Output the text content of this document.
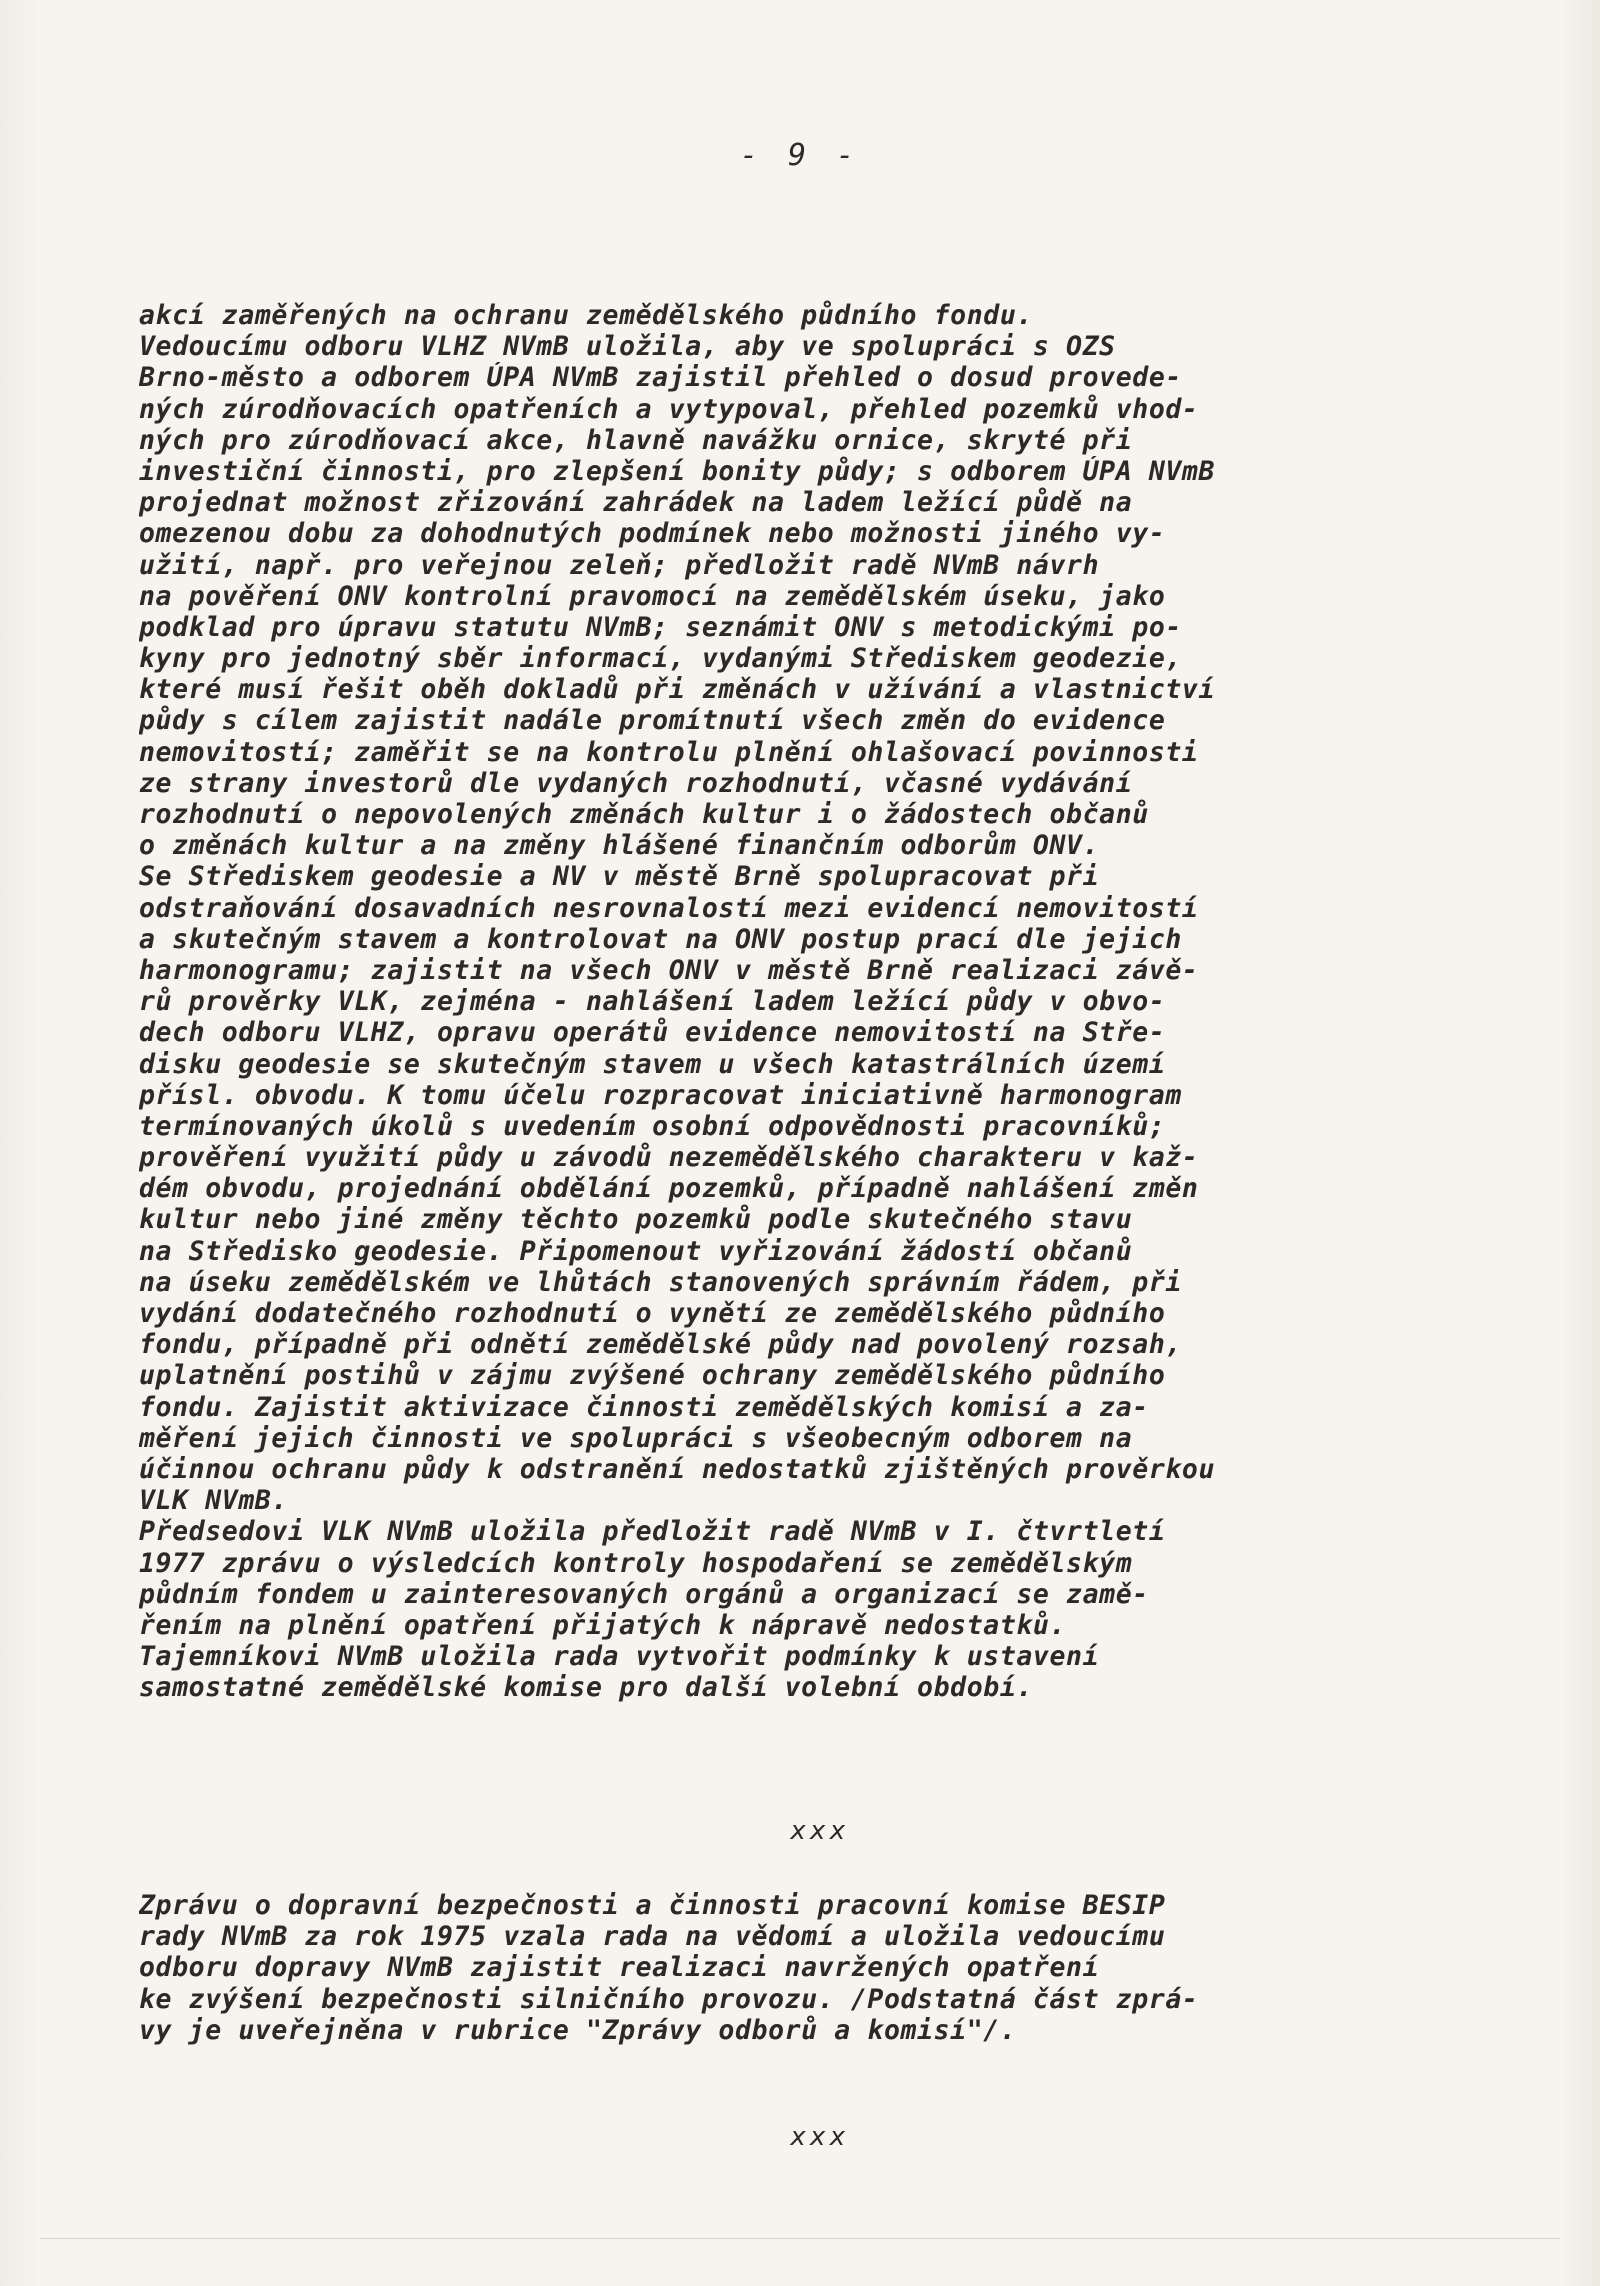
- 9 -
akcí zaměřených na ochranu zemědělského půdního fondu.
Vedoucímu odboru VLHZ NVmB uložila, aby ve spolupráci s OZS
Brno-město a odborem ÚPA NVmB zajistil přehled o dosud provede-
ných zúrodňovacích opatřeních a vytypoval, přehled pozemků vhod-
ných pro zúrodňovací akce, hlavně navážku ornice, skryté při
investiční činnosti, pro zlepšení bonity půdy; s odborem ÚPA NVmB
projednat možnost zřizování zahrádek na ladem ležící půdě na
omezenou dobu za dohodnutých podmínek nebo možnosti jiného vy-
užití, např. pro veřejnou zeleň; předložit radě NVmB návrh
na pověření ONV kontrolní pravomocí na zemědělském úseku, jako
podklad pro úpravu statutu NVmB; seznámit ONV s metodickými po-
kyny pro jednotný sběr informací, vydanými Střediskem geodezie,
které musí řešit oběh dokladů při změnách v užívání a vlastnictví
půdy s cílem zajistit nadále promítnutí všech změn do evidence
nemovitostí; zaměřit se na kontrolu plnění ohlašovací povinnosti
ze strany investorů dle vydaných rozhodnutí, včasné vydávání
rozhodnutí o nepovolených změnách kultur i o žádostech občanů
o změnách kultur a na změny hlášené finančním odborům ONV.
Se Střediskem geodesie a NV v městě Brně spolupracovat při
odstraňování dosavadních nesrovnalostí mezi evidencí nemovitostí
a skutečným stavem a kontrolovat na ONV postup prací dle jejich
harmonogramu; zajistit na všech ONV v městě Brně realizaci závě-
rů prověrky VLK, zejména - nahlášení ladem ležící půdy v obvo-
dech odboru VLHZ, opravu operátů evidence nemovitostí na Stře-
disku geodesie se skutečným stavem u všech katastrálních území
přísl. obvodu. K tomu účelu rozpracovat iniciativně harmonogram
termínovaných úkolů s uvedením osobní odpovědnosti pracovníků;
prověření využití půdy u závodů nezemědělského charakteru v kaž-
dém obvodu, projednání obdělání pozemků, případně nahlášení změn
kultur nebo jiné změny těchto pozemků podle skutečného stavu
na Středisko geodesie. Připomenout vyřizování žádostí občanů
na úseku zemědělském ve lhůtách stanovených správním řádem, při
vydání dodatečného rozhodnutí o vynětí ze zemědělského půdního
fondu, případně při odnětí zemědělské půdy nad povolený rozsah,
uplatnění postihů v zájmu zvýšené ochrany zemědělského půdního
fondu. Zajistit aktivizace činnosti zemědělských komisí a za-
měření jejich činnosti ve spolupráci s všeobecným odborem na
účinnou ochranu půdy k odstranění nedostatků zjištěných prověrkou
VLK NVmB.
Předsedovi VLK NVmB uložila předložit radě NVmB v I. čtvrtletí
1977 zprávu o výsledcích kontroly hospodaření se zemědělským
půdním fondem u zainteresovaných orgánů a organizací se zamě-
řením na plnění opatření přijatých k nápravě nedostatků.
Tajemníkovi NVmB uložila rada vytvořit podmínky k ustavení
samostatné zemědělské komise pro další volební období.
Zprávu o dopravní bezpečnosti a činnosti pracovní komise BESIP
rady NVmB za rok 1975 vzala rada na vědomí a uložila vedoucímu
odboru dopravy NVmB zajistit realizaci navržených opatření
ke zvýšení bezpečnosti silničního provozu. /Podstatná část zprá-
vy je uveřejněna v rubrice "Zprávy odborů a komisí"/.
xxx
xxx
